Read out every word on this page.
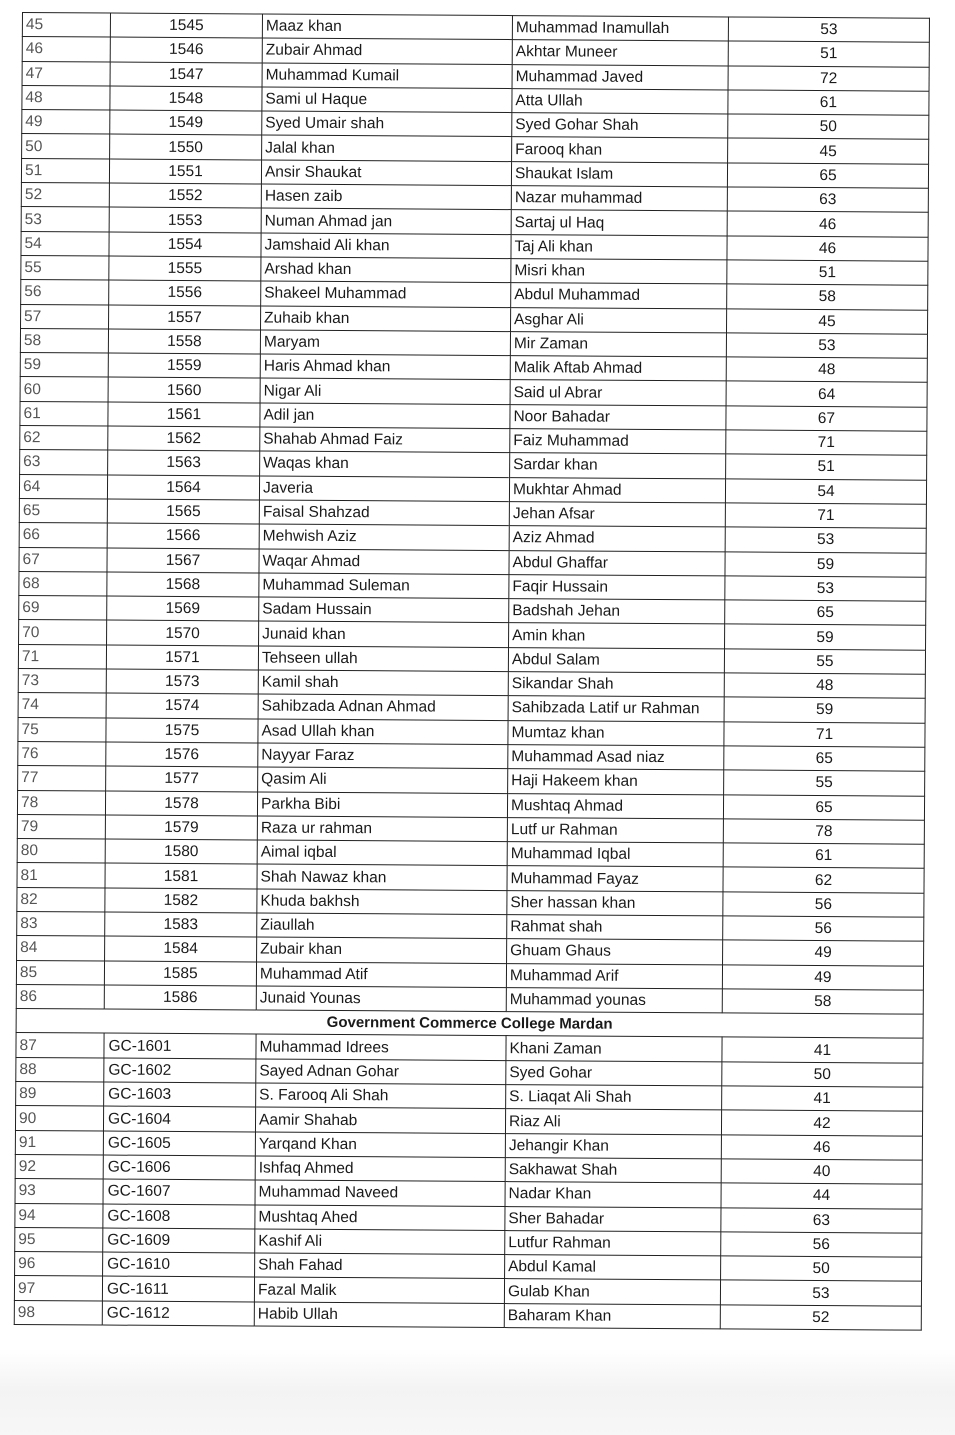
45	1545	Maaz khan	Muhammad Inamullah	53
46	1546	Zubair Ahmad	Akhtar Muneer	51
47	1547	Muhammad Kumail	Muhammad Javed	72
48	1548	Sami ul Haque	Atta Ullah	61
49	1549	Syed Umair shah	Syed Gohar Shah	50
50	1550	Jalal khan	Farooq khan	45
51	1551	Ansir Shaukat	Shaukat Islam	65
52	1552	Hasen zaib	Nazar muhammad	63
53	1553	Numan Ahmad jan	Sartaj ul Haq	46
54	1554	Jamshaid Ali khan	Taj Ali khan	46
55	1555	Arshad khan	Misri khan	51
56	1556	Shakeel Muhammad	Abdul Muhammad	58
57	1557	Zuhaib khan	Asghar Ali	45
58	1558	Maryam	Mir Zaman	53
59	1559	Haris Ahmad khan	Malik Aftab Ahmad	48
60	1560	Nigar Ali	Said ul Abrar	64
61	1561	Adil jan	Noor Bahadar	67
62	1562	Shahab Ahmad Faiz	Faiz Muhammad	71
63	1563	Waqas khan	Sardar khan	51
64	1564	Javeria	Mukhtar Ahmad	54
65	1565	Faisal Shahzad	Jehan Afsar	71
66	1566	Mehwish Aziz	Aziz Ahmad	53
67	1567	Waqar Ahmad	Abdul Ghaffar	59
68	1568	Muhammad Suleman	Faqir Hussain	53
69	1569	Sadam Hussain	Badshah Jehan	65
70	1570	Junaid khan	Amin khan	59
71	1571	Tehseen ullah	Abdul Salam	55
73	1573	Kamil shah	Sikandar Shah	48
74	1574	Sahibzada Adnan Ahmad	Sahibzada Latif ur Rahman	59
75	1575	Asad Ullah khan	Mumtaz khan	71
76	1576	Nayyar Faraz	Muhammad Asad niaz	65
77	1577	Qasim Ali	Haji Hakeem khan	55
78	1578	Parkha Bibi	Mushtaq Ahmad	65
79	1579	Raza ur rahman	Lutf ur Rahman	78
80	1580	Aimal iqbal	Muhammad Iqbal	61
81	1581	Shah Nawaz khan	Muhammad Fayaz	62
82	1582	Khuda bakhsh	Sher hassan khan	56
83	1583	Ziaullah	Rahmat shah	56
84	1584	Zubair khan	Ghuam Ghaus	49
85	1585	Muhammad Atif	Muhammad Arif	49
86	1586	Junaid Younas	Muhammad younas	58
Government Commerce College Mardan				
87	GC-1601	Muhammad Idrees	Khani Zaman	41
88	GC-1602	Sayed Adnan Gohar	Syed Gohar	50
89	GC-1603	S. Farooq Ali Shah	S. Liaqat Ali Shah	41
90	GC-1604	Aamir Shahab	Riaz Ali	42
91	GC-1605	Yarqand Khan	Jehangir Khan	46
92	GC-1606	Ishfaq Ahmed	Sakhawat Shah	40
93	GC-1607	Muhammad Naveed	Nadar Khan	44
94	GC-1608	Mushtaq Ahed	Sher Bahadar	63
95	GC-1609	Kashif Ali	Lutfur Rahman	56
96	GC-1610	Shah Fahad	Abdul Kamal	50
97	GC-1611	Fazal Malik	Gulab Khan	53
98	GC-1612	Habib Ullah	Baharam Khan	52
